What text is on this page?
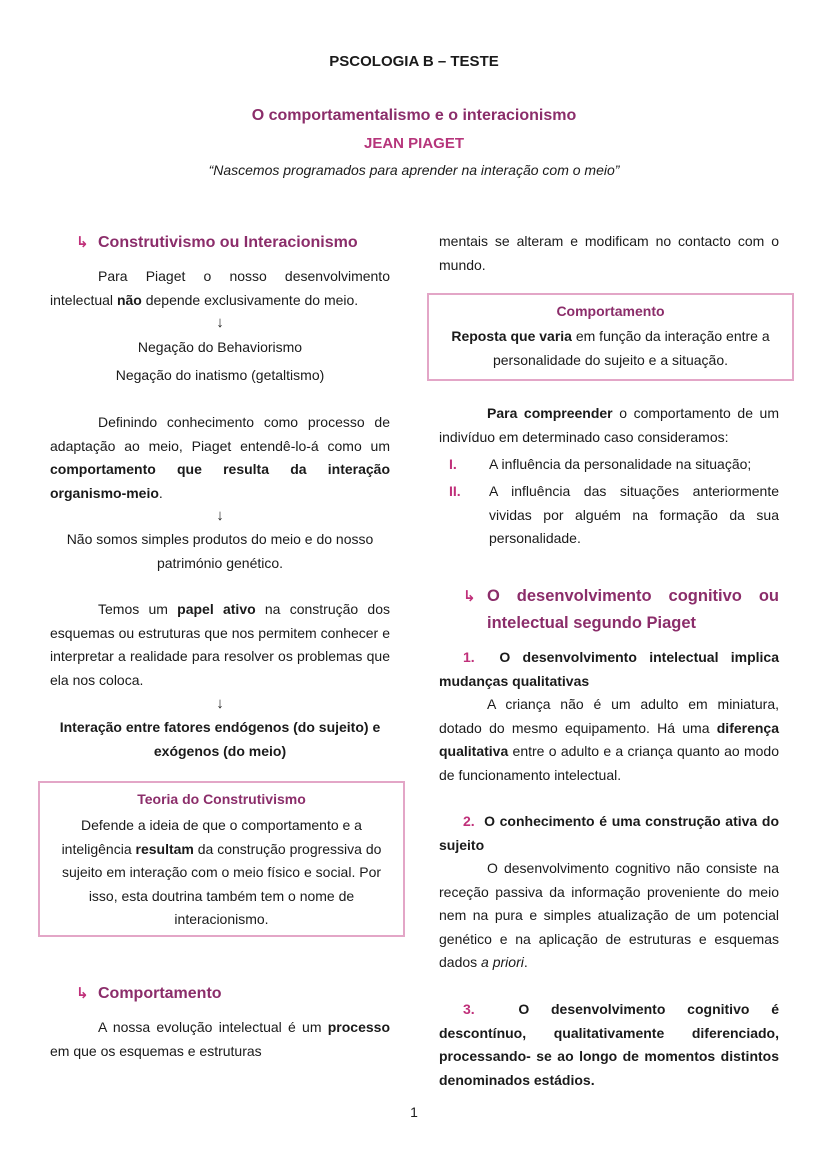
PSCOLOGIA B – TESTE
O comportamentalismo e o interacionismo
JEAN PIAGET
“Nascemos programados para aprender na interação com o meio”
↳ Construtivismo ou Interacionismo

Para Piaget o nosso desenvolvimento intelectual não depende exclusivamente do meio.

↓

Negação do Behaviorismo

Negação do inatismo (getaltismo)

Definindo conhecimento como processo de adaptação ao meio, Piaget entendê-lo-á como um comportamento que resulta da interação organismo-meio.

↓

Não somos simples produtos do meio e do nosso património genético.

Temos um papel ativo na construção dos esquemas ou estruturas que nos permitem conhecer e interpretar a realidade para resolver os problemas que ela nos coloca.

↓

Interação entre fatores endógenos (do sujeito) e exógenos (do meio)

Teoria do Construtivismo

Defende a ideia de que o comportamento e a inteligência resultam da construção progressiva do sujeito em interação com o meio físico e social. Por isso, esta doutrina também tem o nome de interacionismo.

↳ Comportamento

A nossa evolução intelectual é um processo em que os esquemas e estruturas

mentais se alteram e modificam no contacto com o mundo.

Comportamento

Reposta que varia em função da interação entre a personalidade do sujeito e a situação.

Para compreender o comportamento de um indivíduo em determinado caso consideramos:

I.	A influência da personalidade na situação;
II.	A influência das situações anteriormente vividas por alguém na formação da sua personalidade.
↳ O desenvolvimento cognitivo ou intelectual segundo Piaget

1. O desenvolvimento intelectual implica mudanças qualitativas

A criança não é um adulto em miniatura, dotado do mesmo equipamento. Há uma diferença qualitativa entre o adulto e a criança quanto ao modo de funcionamento intelectual.

2. O conhecimento é uma construção ativa do sujeito

O desenvolvimento cognitivo não consiste na receção passiva da informação proveniente do meio nem na pura e simples atualização de um potencial genético e na aplicação de estruturas e esquemas dados a priori.

3.	O desenvolvimento cognitivo é descontínuo, qualitativamente diferenciado, processando- se ao longo de momentos distintos denominados estádios.

1
